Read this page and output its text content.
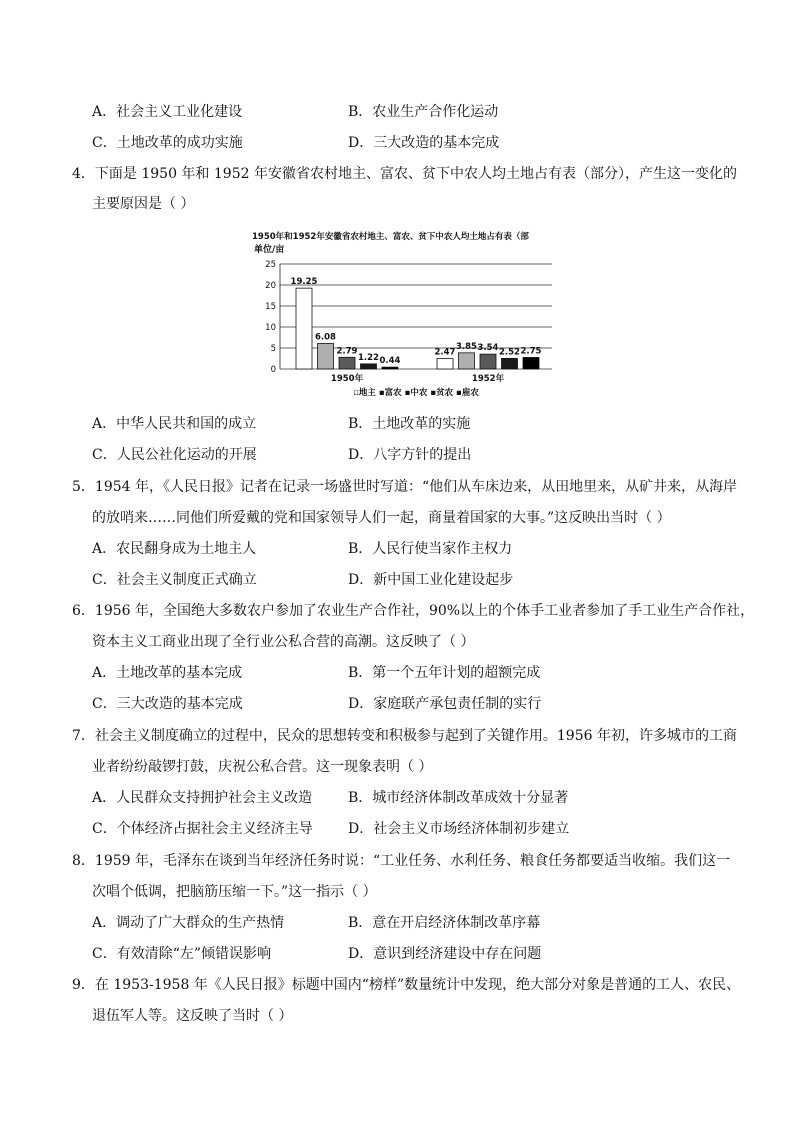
A．社会主义工业化建设	B．农业生产合作化运动
C．土地改革的成功实施	D．三大改造的基本完成
4．下面是 1950 年和 1952 年安徽省农村地主、富农、贫下中农人均土地占有表（部分），产生这一变化的
主要原因是（ ）
1950年和1952年安徽省农村地主、富农、贫下中农人均土地占有表（部
单位/亩
0
5
10
15
20
25
19.25
6.08
2.79
1.22 0.44
2.47
3.85 3.54 2.52 2.75
1950年	1952年
▫地主 ▪富农 ▪中农 ▪贫农 ▪雇农
A．中华人民共和国的成立	B．土地改革的实施
C．人民公社化运动的开展	D．八字方针的提出
5．1954 年，《人民日报》记者在记录一场盛世时写道：“他们从车床边来，从田地里来，从矿井来，从海岸
的放哨来……同他们所爱戴的党和国家领导人们一起，商量着国家的大事。”这反映出当时（ ）
A．农民翻身成为土地主人	B．人民行使当家作主权力
C．社会主义制度正式确立	D．新中国工业化建设起步
6．1956 年，全国绝大多数农户参加了农业生产合作社，90%以上的个体手工业者参加了手工业生产合作社，
资本主义工商业出现了全行业公私合营的高潮。这反映了（ ）
A．土地改革的基本完成	B．第一个五年计划的超额完成
C．三大改造的基本完成	D．家庭联产承包责任制的实行
7．社会主义制度确立的过程中，民众的思想转变和积极参与起到了关键作用。1956 年初，许多城市的工商
业者纷纷敲锣打鼓，庆祝公私合营。这一现象表明（ ）
A．人民群众支持拥护社会主义改造	B．城市经济体制改革成效十分显著
C．个体经济占据社会主义经济主导	D．社会主义市场经济体制初步建立
8．1959 年，毛泽东在谈到当年经济任务时说：“工业任务、水利任务、粮食任务都要适当收缩。我们这一
次唱个低调，把脑筋压缩一下。”这一指示（ ）
A．调动了广大群众的生产热情	B．意在开启经济体制改革序幕
C．有效清除“左”倾错误影响	D．意识到经济建设中存在问题
9．在 1953-1958 年《人民日报》标题中国内“榜样”数量统计中发现，绝大部分对象是普通的工人、农民、
退伍军人等。这反映了当时（ ）
